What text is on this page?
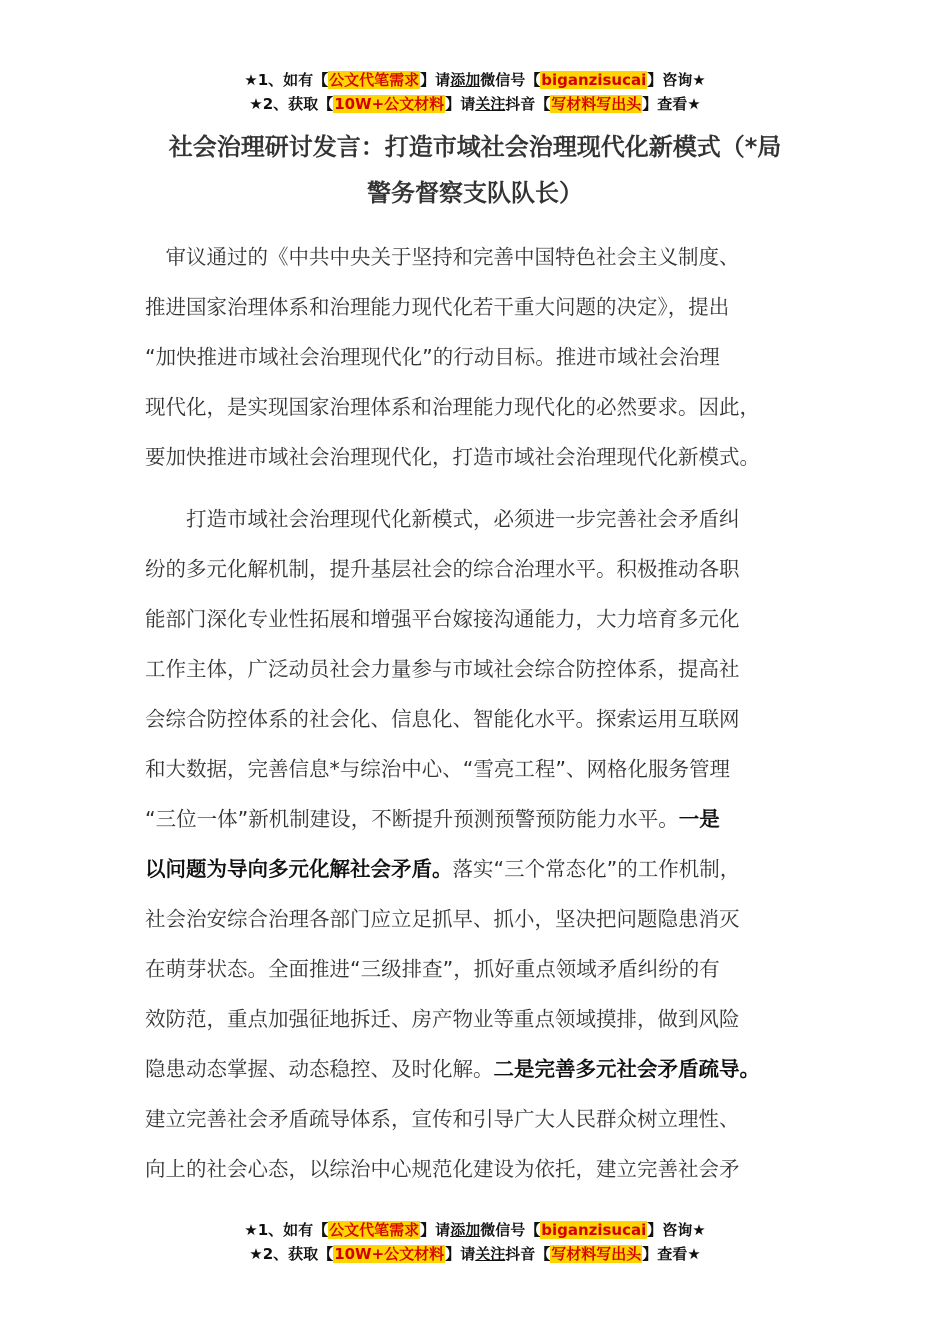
★1、如有【公文代笔需求】请添加微信号【biganzisucai】咨询★
★2、获取【10W+公文材料】请关注抖音【写材料写出头】查看★
社会治理研讨发言：打造市域社会治理现代化新模式（*局
警务督察支队队长）
　审议通过的《中共中央关于坚持和完善中国特色社会主义制度、
推进国家治理体系和治理能力现代化若干重大问题的决定》，提出
“加快推进市域社会治理现代化”的行动目标。推进市域社会治理
现代化，是实现国家治理体系和治理能力现代化的必然要求。因此，
要加快推进市域社会治理现代化，打造市域社会治理现代化新模式。
　　打造市域社会治理现代化新模式，必须进一步完善社会矛盾纠
纷的多元化解机制，提升基层社会的综合治理水平。积极推动各职
能部门深化专业性拓展和增强平台嫁接沟通能力，大力培育多元化
工作主体，广泛动员社会力量参与市域社会综合防控体系，提高社
会综合防控体系的社会化、信息化、智能化水平。探索运用互联网
和大数据，完善信息*与综治中心、“雪亮工程”、网格化服务管理
“三位一体”新机制建设，不断提升预测预警预防能力水平。一是
以问题为导向多元化解社会矛盾。落实“三个常态化”的工作机制，
社会治安综合治理各部门应立足抓早、抓小，坚决把问题隐患消灭
在萌芽状态。全面推进“三级排查”，抓好重点领域矛盾纠纷的有
效防范，重点加强征地拆迁、房产物业等重点领域摸排，做到风险
隐患动态掌握、动态稳控、及时化解。二是完善多元社会矛盾疏导。
建立完善社会矛盾疏导体系，宣传和引导广大人民群众树立理性、
向上的社会心态，以综治中心规范化建设为依托，建立完善社会矛
★1、如有【公文代笔需求】请添加微信号【biganzisucai】咨询★
★2、获取【10W+公文材料】请关注抖音【写材料写出头】查看★
